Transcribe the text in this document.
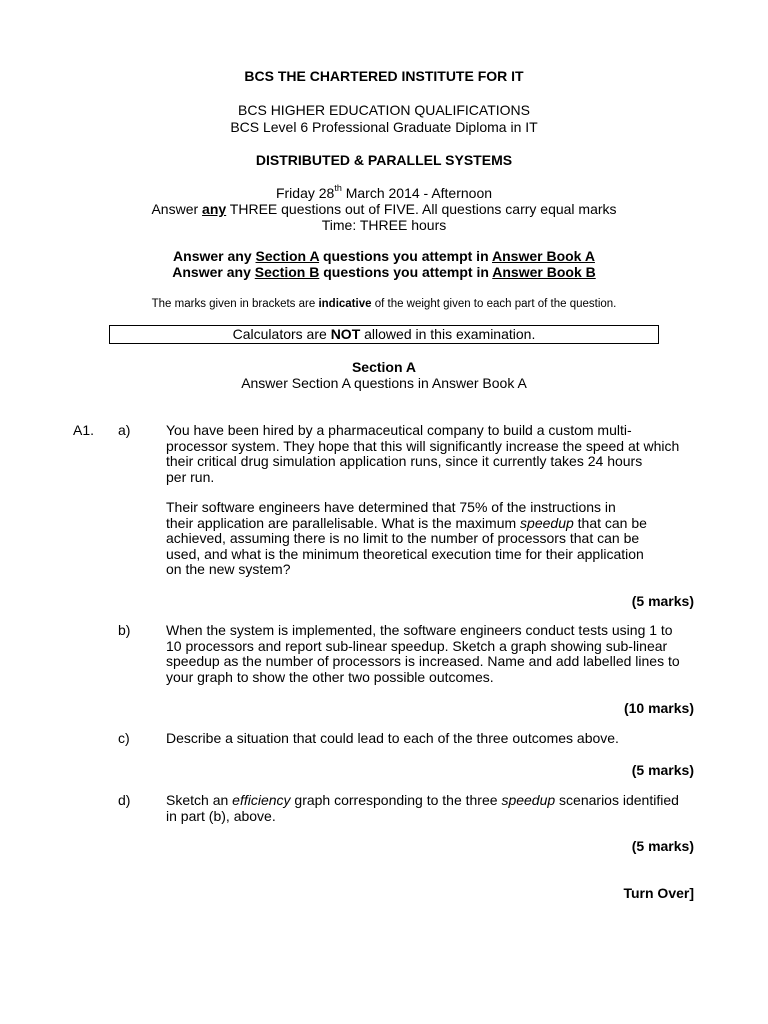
BCS THE CHARTERED INSTITUTE FOR IT
BCS HIGHER EDUCATION QUALIFICATIONS
BCS Level 6 Professional Graduate Diploma in IT
DISTRIBUTED & PARALLEL SYSTEMS
Friday 28th March 2014 - Afternoon
Answer any THREE questions out of FIVE. All questions carry equal marks
Time: THREE hours
Answer any Section A questions you attempt in Answer Book A
Answer any Section B questions you attempt in Answer Book B
The marks given in brackets are indicative of the weight given to each part of the question.
Calculators are NOT allowed in this examination.
Section A
Answer Section A questions in Answer Book A
A1. a)	You have been hired by a pharmaceutical company to build a custom multi-
processor system. They hope that this will significantly increase the speed at which
their critical drug simulation application runs, since it currently takes 24 hours
per run.
Their software engineers have determined that 75% of the instructions in
their application are parallelisable. What is the maximum speedup that can be
achieved, assuming there is no limit to the number of processors that can be
used, and what is the minimum theoretical execution time for their application
on the new system?
(5 marks)
b)	When the system is implemented, the software engineers conduct tests using 1 to
10 processors and report sub-linear speedup. Sketch a graph showing sub-linear
speedup as the number of processors is increased. Name and add labelled lines to
your graph to show the other two possible outcomes.
(10 marks)
c)	Describe a situation that could lead to each of the three outcomes above.
(5 marks)
d)	Sketch an efficiency graph corresponding to the three speedup scenarios identified
in part (b), above.
(5 marks)
Turn Over]
